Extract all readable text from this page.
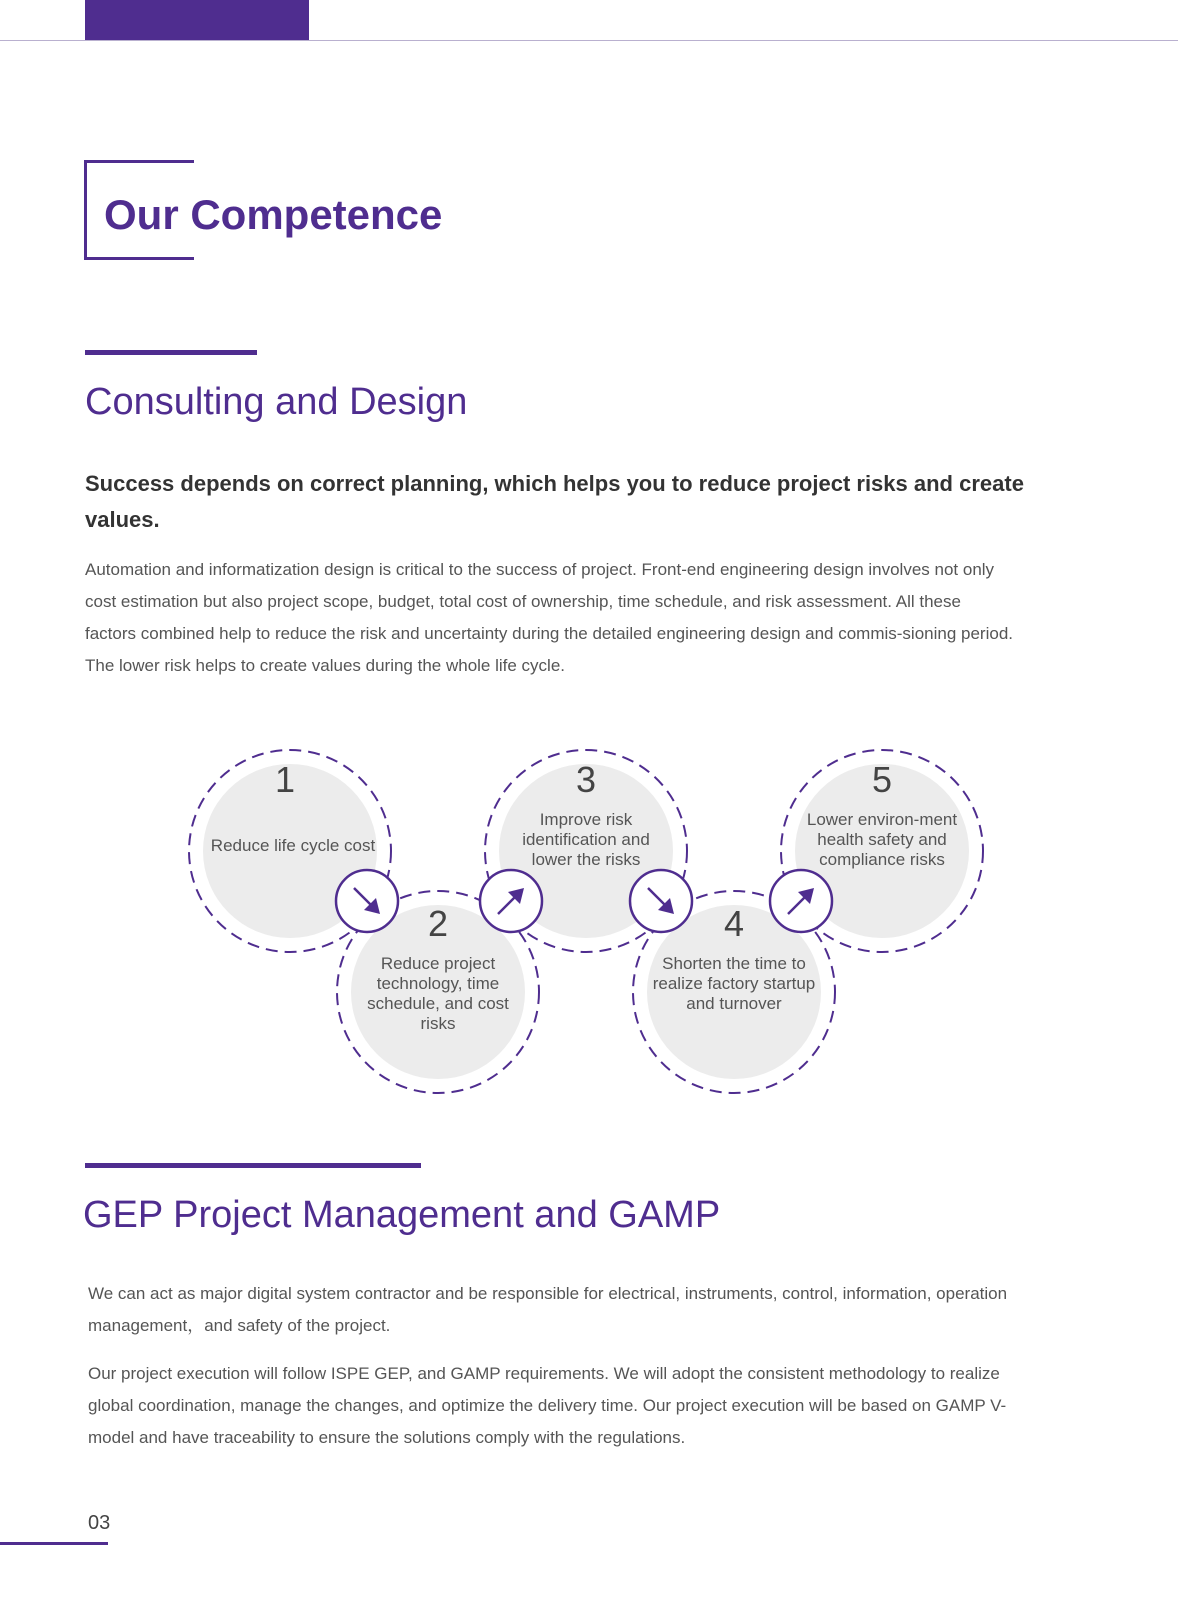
Our Competence
Consulting and Design

Success depends on correct planning, which helps you to reduce project risks and create values.

Automation and informatization design is critical to the success of project. Front-end engineering design involves not only cost estimation but also project scope, budget, total cost of ownership, time schedule, and risk assessment. All these factors combined help to reduce the risk and uncertainty during the detailed engineering design and commis-sioning period. The lower risk helps to create values during the whole life cycle.

1
Reduce life cycle cost
2
Reduce project technology, time schedule, and cost risks
3
Improve risk identification and lower the risks
4
Shorten the time to realize factory startup and turnover
5
Lower environ-ment health safety and compliance risks
GEP Project Management and GAMP

We can act as major digital system contractor and be responsible for electrical, instruments, control, information, operation management，and safety of the project.

Our project execution will follow ISPE GEP, and GAMP requirements. We will adopt the consistent methodology to realize global coordination, manage the changes, and optimize the delivery time. Our project execution will be based on GAMP V-model and have traceability to ensure the solutions comply with the regulations.

03
